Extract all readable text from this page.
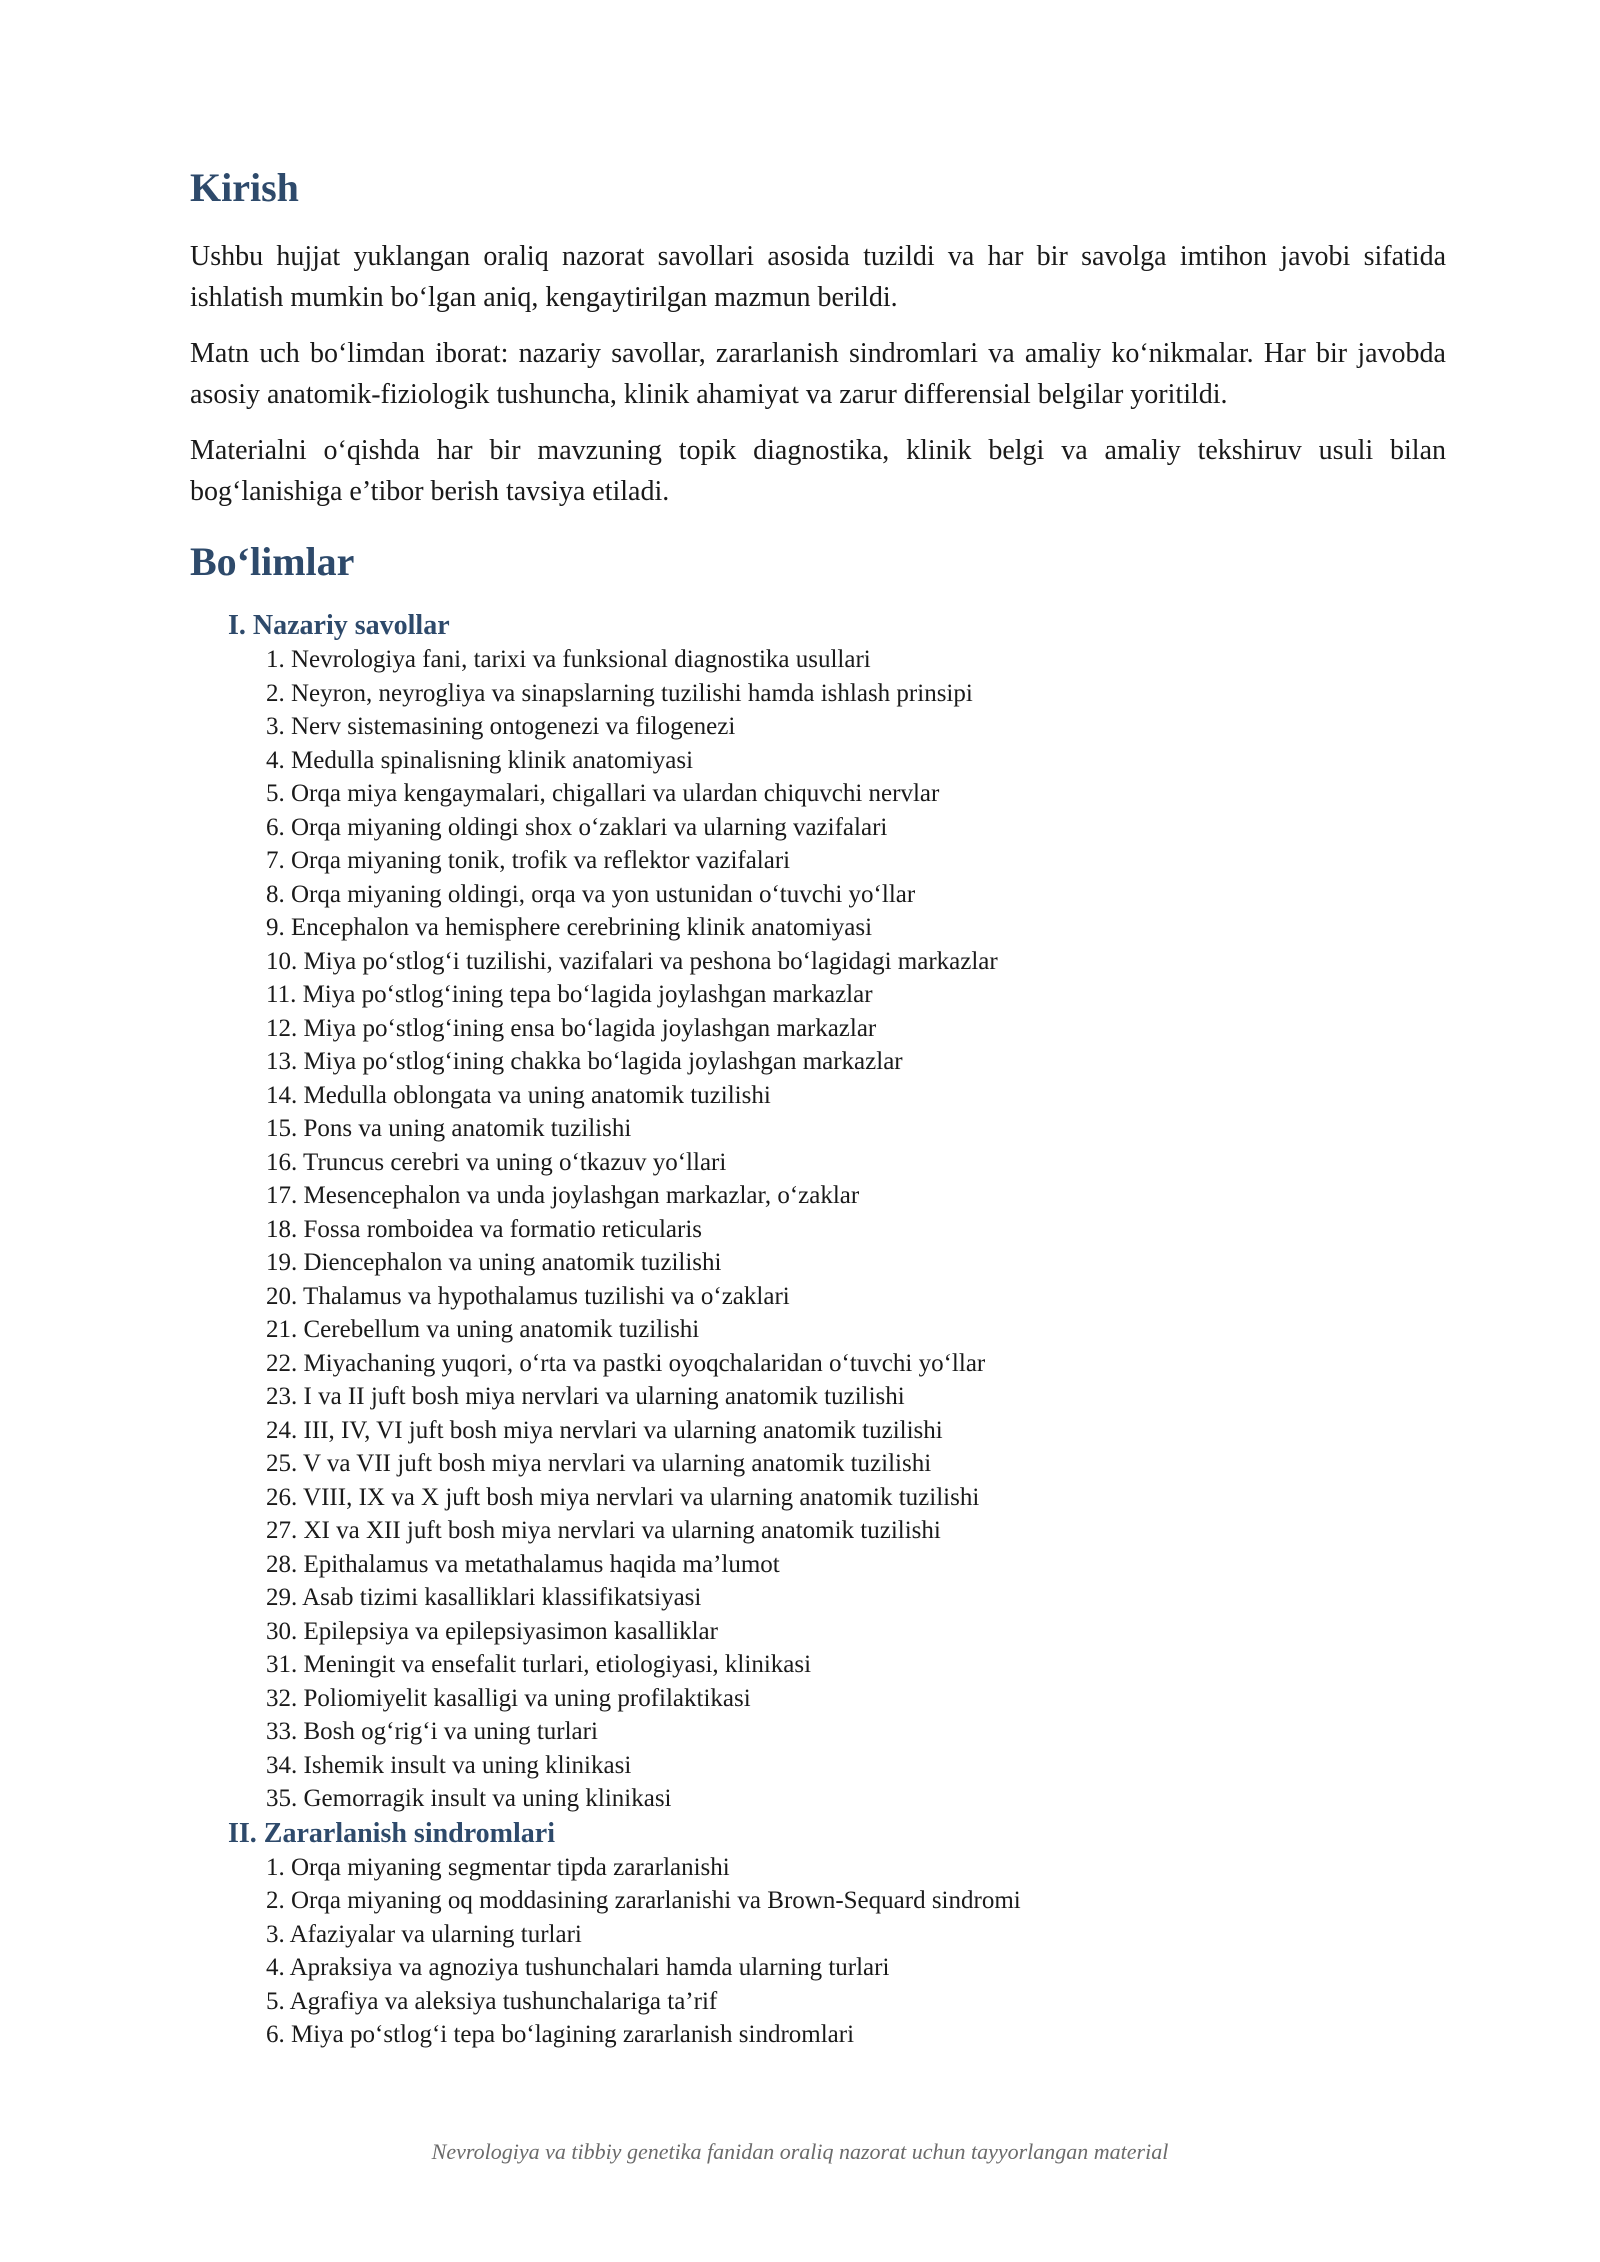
Kirish

Ushbu hujjat yuklangan oraliq nazorat savollari asosida tuzildi va har bir savolga imtihon javobi sifatida ishlatish mumkin bo‘lgan aniq, kengaytirilgan mazmun berildi.

Matn uch bo‘limdan iborat: nazariy savollar, zararlanish sindromlari va amaliy ko‘nikmalar. Har bir javobda asosiy anatomik-fiziologik tushuncha, klinik ahamiyat va zarur differensial belgilar yoritildi.

Materialni o‘qishda har bir mavzuning topik diagnostika, klinik belgi va amaliy tekshiruv usuli bilan bog‘lanishiga e’tibor berish tavsiya etiladi.

Bo‘limlar
I. Nazariy savollar
1. Nevrologiya fani, tarixi va funksional diagnostika usullari
2. Neyron, neyrogliya va sinapslarning tuzilishi hamda ishlash prinsipi
3. Nerv sistemasining ontogenezi va filogenezi
4. Medulla spinalisning klinik anatomiyasi
5. Orqa miya kengaymalari, chigallari va ulardan chiquvchi nervlar
6. Orqa miyaning oldingi shox o‘zaklari va ularning vazifalari
7. Orqa miyaning tonik, trofik va reflektor vazifalari
8. Orqa miyaning oldingi, orqa va yon ustunidan o‘tuvchi yo‘llar
9. Encephalon va hemisphere cerebrining klinik anatomiyasi
10. Miya po‘stlog‘i tuzilishi, vazifalari va peshona bo‘lagidagi markazlar
11. Miya po‘stlog‘ining tepa bo‘lagida joylashgan markazlar
12. Miya po‘stlog‘ining ensa bo‘lagida joylashgan markazlar
13. Miya po‘stlog‘ining chakka bo‘lagida joylashgan markazlar
14. Medulla oblongata va uning anatomik tuzilishi
15. Pons va uning anatomik tuzilishi
16. Truncus cerebri va uning o‘tkazuv yo‘llari
17. Mesencephalon va unda joylashgan markazlar, o‘zaklar
18. Fossa romboidea va formatio reticularis
19. Diencephalon va uning anatomik tuzilishi
20. Thalamus va hypothalamus tuzilishi va o‘zaklari
21. Cerebellum va uning anatomik tuzilishi
22. Miyachaning yuqori, o‘rta va pastki oyoqchalaridan o‘tuvchi yo‘llar
23. I va II juft bosh miya nervlari va ularning anatomik tuzilishi
24. III, IV, VI juft bosh miya nervlari va ularning anatomik tuzilishi
25. V va VII juft bosh miya nervlari va ularning anatomik tuzilishi
26. VIII, IX va X juft bosh miya nervlari va ularning anatomik tuzilishi
27. XI va XII juft bosh miya nervlari va ularning anatomik tuzilishi
28. Epithalamus va metathalamus haqida ma’lumot
29. Asab tizimi kasalliklari klassifikatsiyasi
30. Epilepsiya va epilepsiyasimon kasalliklar
31. Meningit va ensefalit turlari, etiologiyasi, klinikasi
32. Poliomiyelit kasalligi va uning profilaktikasi
33. Bosh og‘rig‘i va uning turlari
34. Ishemik insult va uning klinikasi
35. Gemorragik insult va uning klinikasi
II. Zararlanish sindromlari
1. Orqa miyaning segmentar tipda zararlanishi
2. Orqa miyaning oq moddasining zararlanishi va Brown-Sequard sindromi
3. Afaziyalar va ularning turlari
4. Apraksiya va agnoziya tushunchalari hamda ularning turlari
5. Agrafiya va aleksiya tushunchalariga ta’rif
6. Miya po‘stlog‘i tepa bo‘lagining zararlanish sindromlari
Nevrologiya va tibbiy genetika fanidan oraliq nazorat uchun tayyorlangan material
